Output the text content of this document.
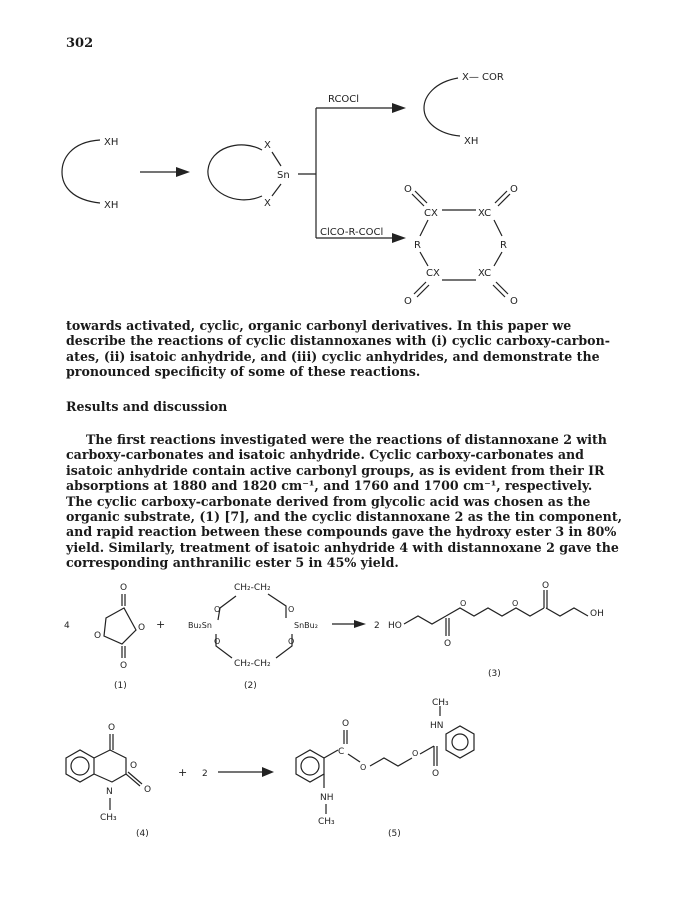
302
XH
XH
X
Sn
X
RCOCl
ClCO-R-COCl
X— COR
XH
O
CX	XC
O
R	R
CX	XC
O	O

towards activated, cyclic, organic carbonyl derivatives. In this paper we
describe the reactions of cyclic distannoxanes with (i) cyclic carboxy-carbon-
ates, (ii) isatoic anhydride, and (iii) cyclic anhydrides, and demonstrate the
pronounced specificity of some of these reactions.

Results and discussion

The first reactions investigated were the reactions of distannoxane 2 with
carboxy-carbonates and isatoic anhydride. Cyclic carboxy-carbonates and
isatoic anhydride contain active carbonyl groups, as is evident from their IR
absorptions at 1880 and 1820 cm⁻¹, and 1760 and 1700 cm⁻¹, respectively.
The cyclic carboxy-carbonate derived from glycolic acid was chosen as the
organic substrate, (1) [7], and the cyclic distannoxane 2 as the tin component,
and rapid reaction between these compounds gave the hydroxy ester 3 in 80%
yield. Similarly, treatment of isatoic anhydride 4 with distannoxane 2 gave the
corresponding anthranilic ester 5 in 45% yield.

4
O
O
O
O
(1)
+
CH₂-CH₂
O	O
Bu₂Sn	SnBu₂
O	O
CH₂-CH₂
(2)
2 HO
O
O	O
O
OH
(3)
O
O
O
N
CH₃
(4)
+ 2
C
O
O
O
O
HN
NH
CH₃
(5)
CH₃
